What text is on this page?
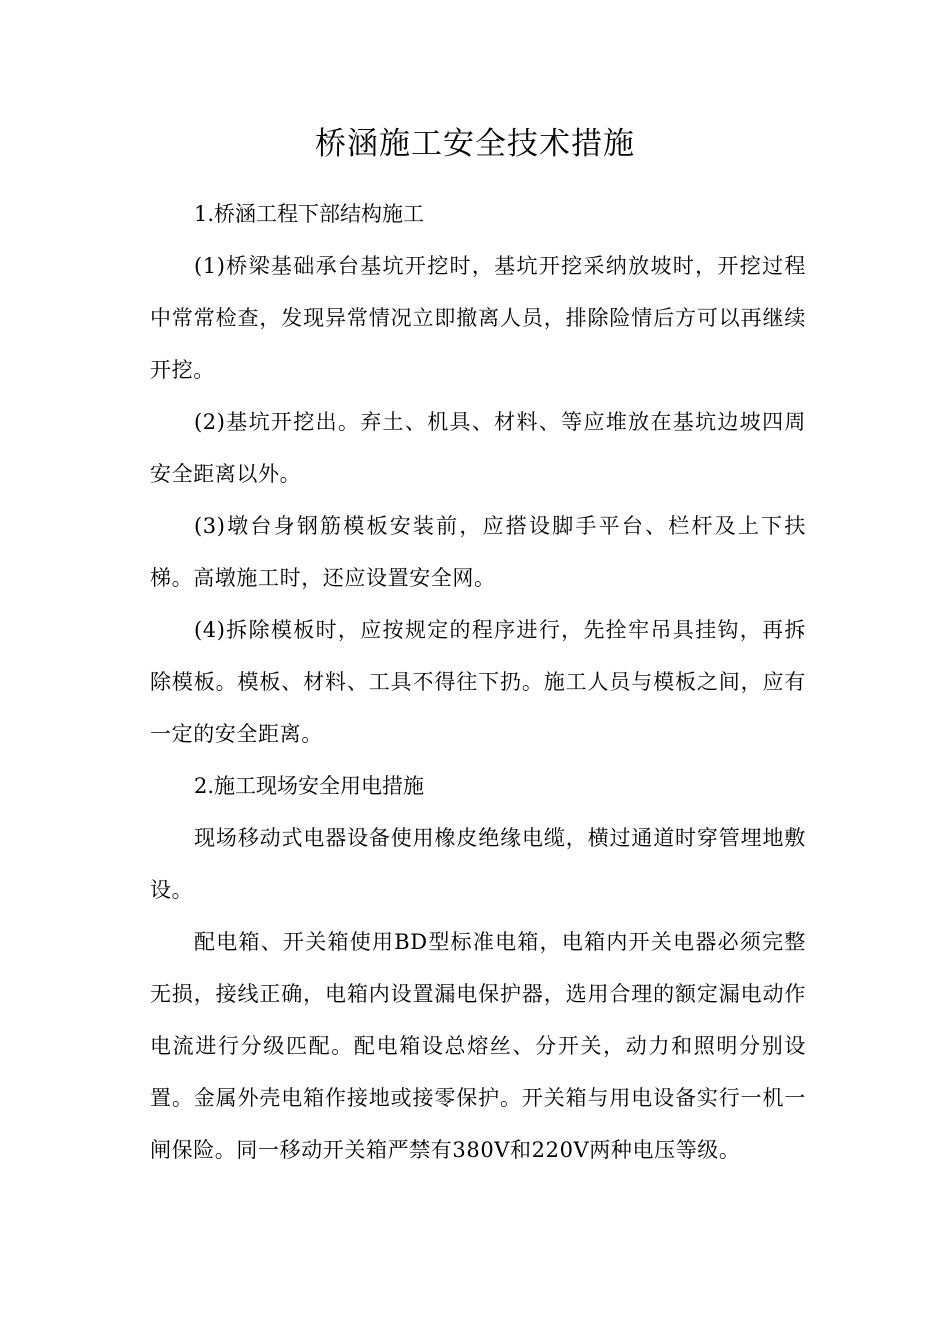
桥涵施工安全技术措施

1.桥涵工程下部结构施工

(1)桥梁基础承台基坑开挖时，基坑开挖采纳放坡时，开挖过程中常常检查，发现异常情况立即撤离人员，排除险情后方可以再继续开挖。

(2)基坑开挖出。弃土、机具、材料、等应堆放在基坑边坡四周安全距离以外。

(3)墩台身钢筋模板安装前，应搭设脚手平台、栏杆及上下扶梯。高墩施工时，还应设置安全网。

(4)拆除模板时，应按规定的程序进行，先拴牢吊具挂钩，再拆除模板。模板、材料、工具不得往下扔。施工人员与模板之间，应有一定的安全距离。

2.施工现场安全用电措施

现场移动式电器设备使用橡皮绝缘电缆，横过通道时穿管埋地敷设。

配电箱、开关箱使用BD型标准电箱，电箱内开关电器必须完整无损，接线正确，电箱内设置漏电保护器，选用合理的额定漏电动作电流进行分级匹配。配电箱设总熔丝、分开关，动力和照明分别设置。金属外壳电箱作接地或接零保护。开关箱与用电设备实行一机一闸保险。同一移动开关箱严禁有380V和220V两种电压等级。
